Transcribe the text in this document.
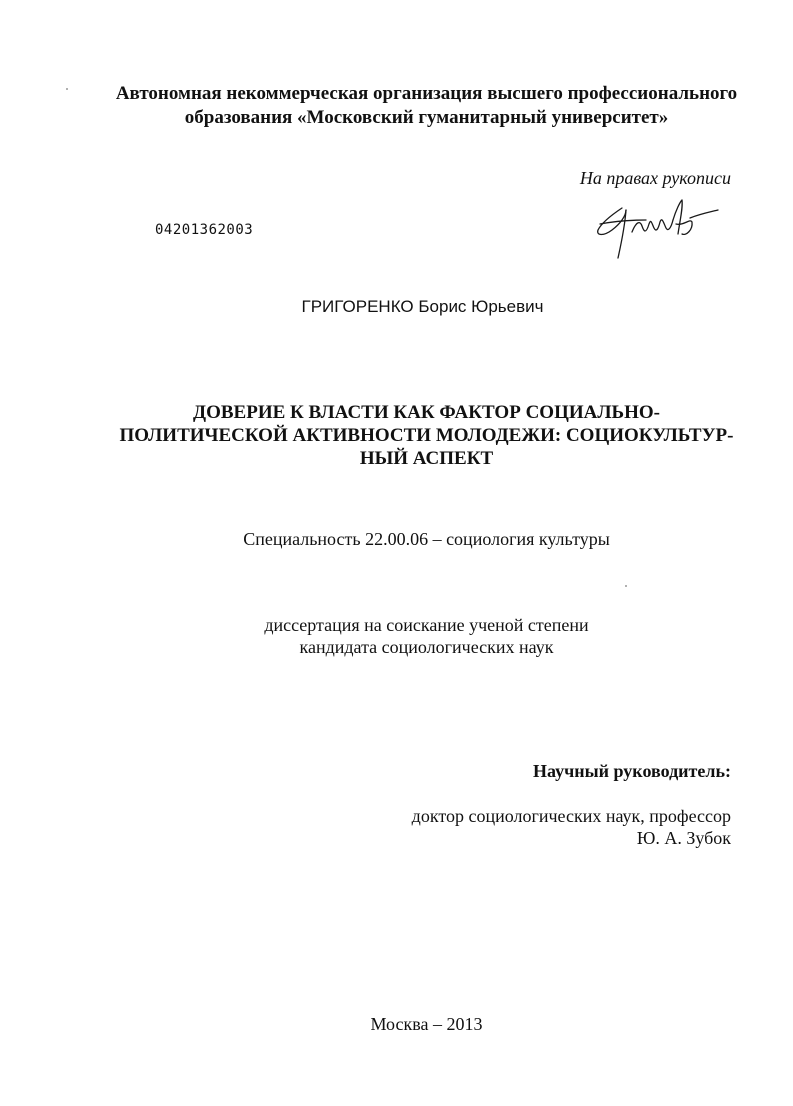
Автономная некоммерческая организация высшего профессионального
образования «Московский гуманитарный университет»
На правах рукописи
04201362003
ГРИГОРЕНКО Борис Юрьевич
ДОВЕРИЕ К ВЛАСТИ КАК ФАКТОР СОЦИАЛЬНО-
ПОЛИТИЧЕСКОЙ АКТИВНОСТИ МОЛОДЕЖИ: СОЦИОКУЛЬТУР-
НЫЙ АСПЕКТ
Специальность 22.00.06 – социология культуры
диссертация на соискание ученой степени
кандидата социологических наук
Научный руководитель:
доктор социологических наук, профессор
Ю. А. Зубок
Москва – 2013
